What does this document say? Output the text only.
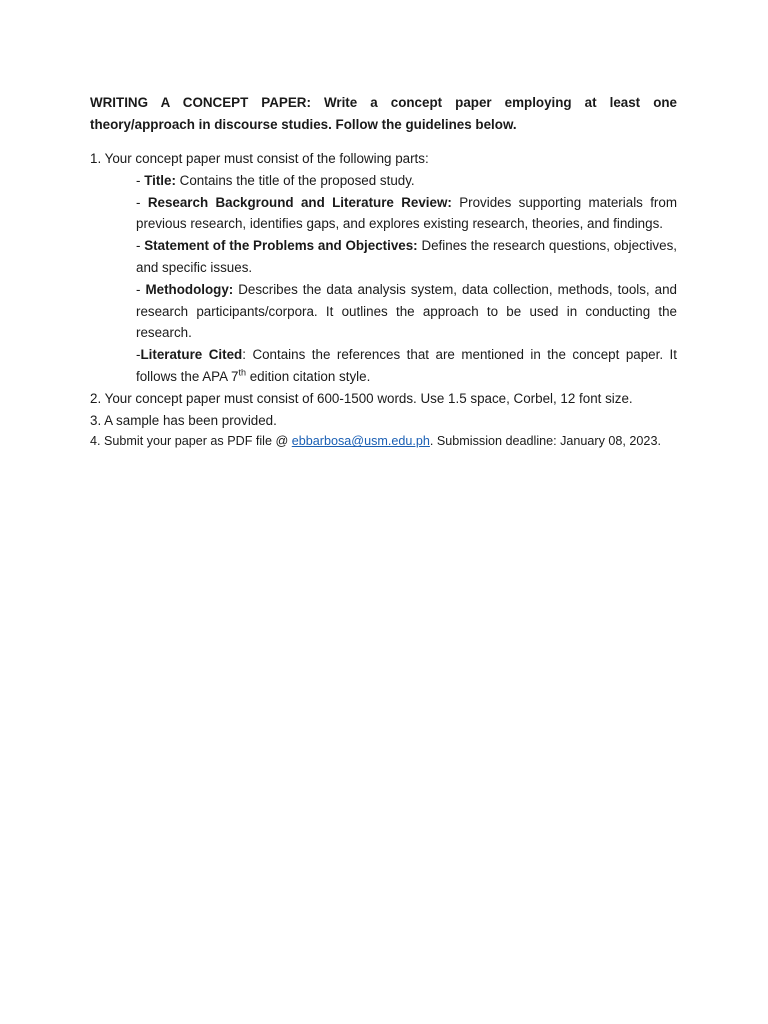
WRITING A CONCEPT PAPER: Write a concept paper employing at least one theory/approach in discourse studies. Follow the guidelines below.

1. Your concept paper must consist of the following parts:

- Title: Contains the title of the proposed study.

- Research Background and Literature Review: Provides supporting materials from previous research, identifies gaps, and explores existing research, theories, and findings.

- Statement of the Problems and Objectives: Defines the research questions, objectives, and specific issues.

- Methodology: Describes the data analysis system, data collection, methods, tools, and research participants/corpora. It outlines the approach to be used in conducting the research.

-Literature Cited: Contains the references that are mentioned in the concept paper. It follows the APA 7th edition citation style.

2. Your concept paper must consist of 600-1500 words. Use 1.5 space, Corbel, 12 font size.

3. A sample has been provided.

4. Submit your paper as PDF file @ ebbarbosa@usm.edu.ph. Submission deadline: January 08, 2023.
